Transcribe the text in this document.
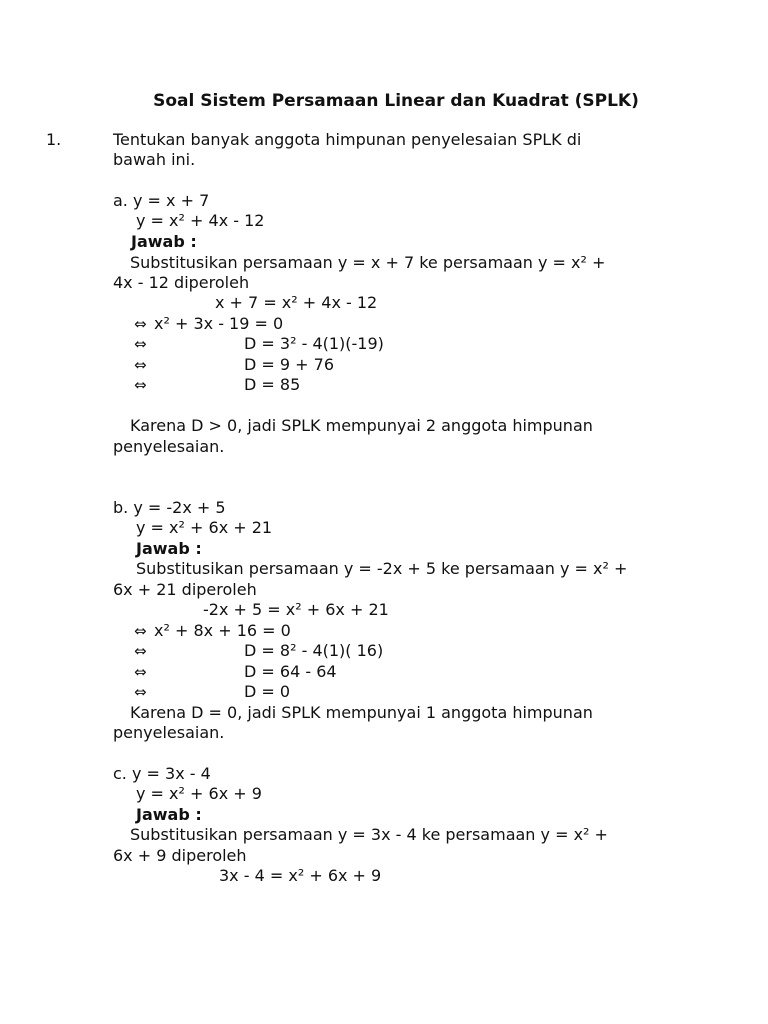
Soal Sistem Persamaan Linear dan Kuadrat (SPLK)
1.	Tentukan banyak anggota himpunan penyelesaian SPLK di
bawah ini.
a. y = x + 7
y = x² + 4x - 12
Jawab :
Substitusikan persamaan y = x + 7 ke persamaan y = x² +
4x - 12 diperoleh
x + 7 = x² + 4x - 12
⇔ x² + 3x - 19 = 0
⇔	D = 3² - 4(1)(-19)
⇔	D = 9 + 76
⇔	D = 85
Karena D > 0, jadi SPLK mempunyai 2 anggota himpunan
penyelesaian.
b. y = -2x + 5
y = x² + 6x + 21
Jawab :
Substitusikan persamaan y = -2x + 5 ke persamaan y = x² +
6x + 21 diperoleh
-2x + 5 = x² + 6x + 21
⇔ x² + 8x + 16 = 0
⇔	D = 8² - 4(1)( 16)
⇔	D = 64 - 64
⇔	D = 0
Karena D = 0, jadi SPLK mempunyai 1 anggota himpunan
penyelesaian.
c. y = 3x - 4
y = x² + 6x + 9
Jawab :
Substitusikan persamaan y = 3x - 4 ke persamaan y = x² +
6x + 9 diperoleh
3x - 4 = x² + 6x + 9
